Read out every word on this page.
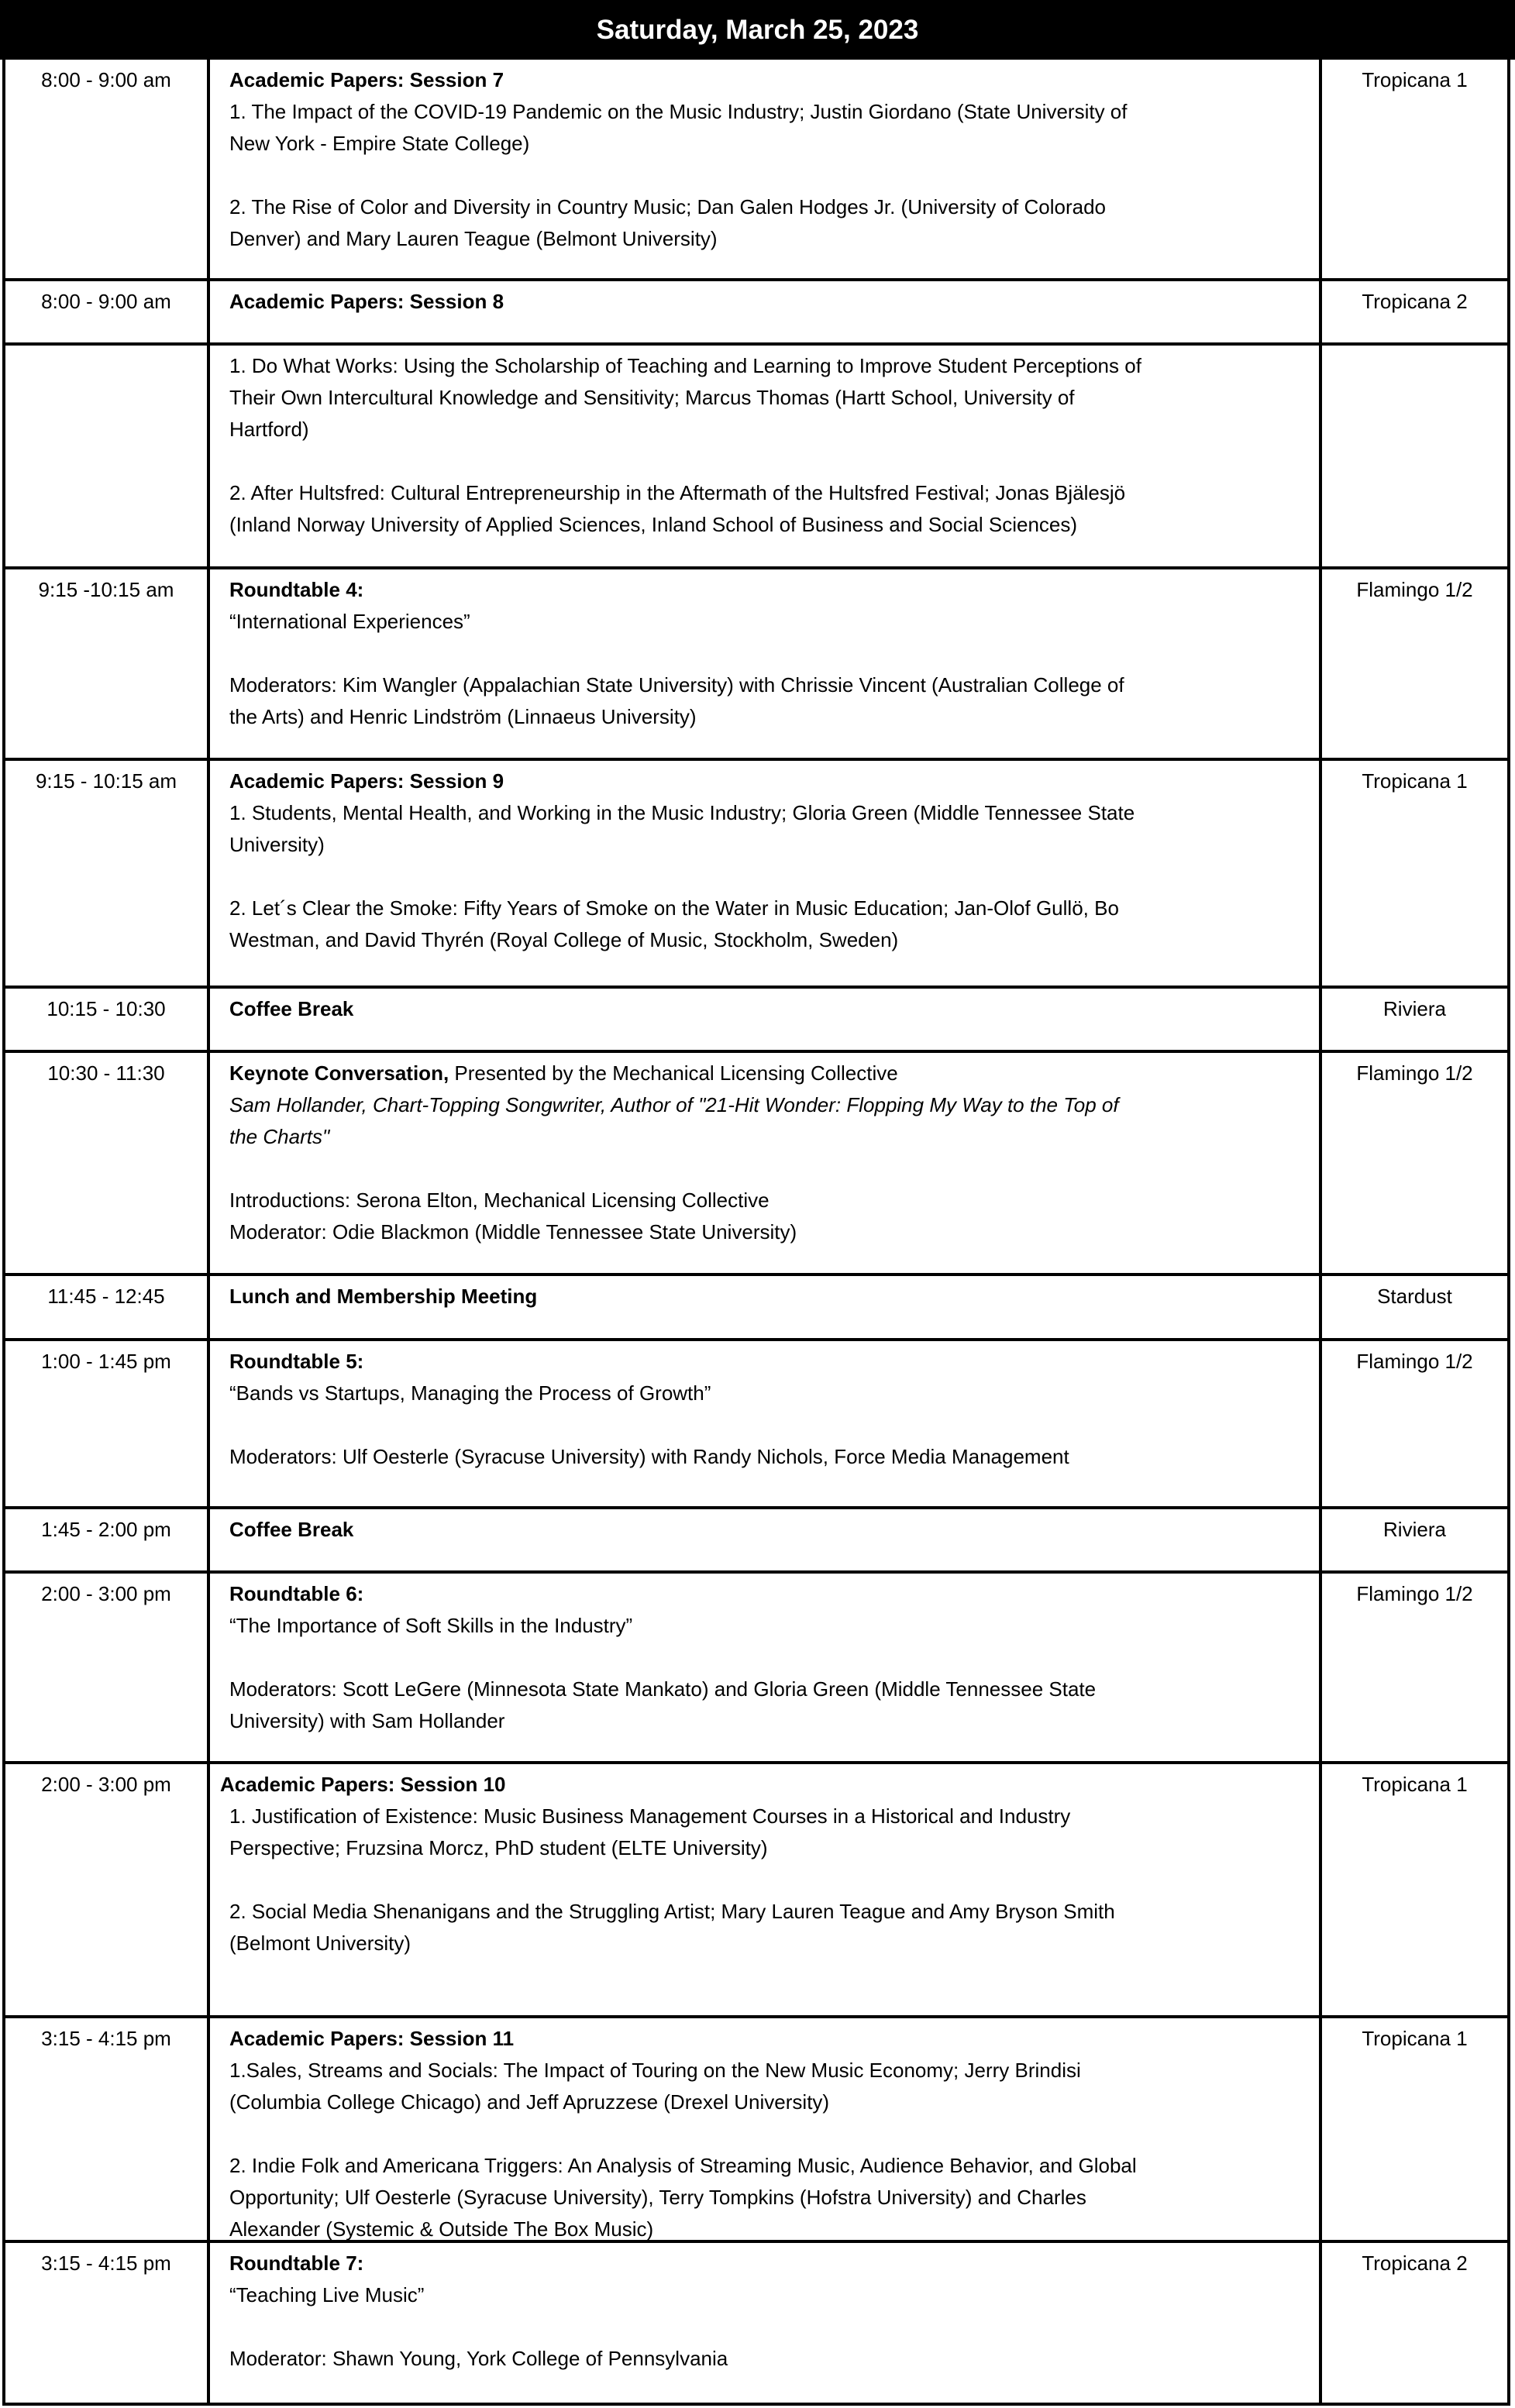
Saturday, March 25, 2023
8:00 - 9:00 am	Academic Papers: Session 7
1. The Impact of the COVID-19 Pandemic on the Music Industry; Justin Giordano (State University of
New York - Empire State College)
2. The Rise of Color and Diversity in Country Music; Dan Galen Hodges Jr. (University of Colorado
Denver) and Mary Lauren Teague (Belmont University)
Tropicana 1
8:00 - 9:00 am	Academic Papers: Session 8	Tropicana 2
1. Do What Works: Using the Scholarship of Teaching and Learning to Improve Student Perceptions of
Their Own Intercultural Knowledge and Sensitivity; Marcus Thomas (Hartt School, University of
Hartford)
2. After Hultsfred: Cultural Entrepreneurship in the Aftermath of the Hultsfred Festival; Jonas Bjälesjö
(Inland Norway University of Applied Sciences, Inland School of Business and Social Sciences)
9:15 -10:15 am	Roundtable 4:
“International Experiences”
Moderators: Kim Wangler (Appalachian State University) with Chrissie Vincent (Australian College of
the Arts) and Henric Lindström (Linnaeus University)
Flamingo 1/2
9:15 - 10:15 am	Academic Papers: Session 9
1. Students, Mental Health, and Working in the Music Industry; Gloria Green (Middle Tennessee State
University)
2. Let´s Clear the Smoke: Fifty Years of Smoke on the Water in Music Education; Jan-Olof Gullö, Bo
Westman, and David Thyrén (Royal College of Music, Stockholm, Sweden)
Tropicana 1
10:15 - 10:30	Coffee Break	Riviera
10:30 - 11:30	Keynote Conversation, Presented by the Mechanical Licensing Collective
Sam Hollander, Chart-Topping Songwriter, Author of "21-Hit Wonder: Flopping My Way to the Top of
the Charts"
Introductions: Serona Elton, Mechanical Licensing Collective
Moderator: Odie Blackmon (Middle Tennessee State University)
Flamingo 1/2
11:45 - 12:45	Lunch and Membership Meeting	Stardust
1:00 - 1:45 pm	Roundtable 5:
“Bands vs Startups, Managing the Process of Growth”
Moderators: Ulf Oesterle (Syracuse University) with Randy Nichols, Force Media Management
Flamingo 1/2
1:45 - 2:00 pm	Coffee Break	Riviera
2:00 - 3:00 pm	Roundtable 6:
“The Importance of Soft Skills in the Industry”
Moderators: Scott LeGere (Minnesota State Mankato) and Gloria Green (Middle Tennessee State
University) with Sam Hollander
Flamingo 1/2
2:00 - 3:00 pm	Academic Papers: Session 10
1. Justification of Existence: Music Business Management Courses in a Historical and Industry
Perspective; Fruzsina Morcz, PhD student (ELTE University)
2. Social Media Shenanigans and the Struggling Artist; Mary Lauren Teague and Amy Bryson Smith
(Belmont University)
Tropicana 1
3:15 - 4:15 pm	Academic Papers: Session 11
1.Sales, Streams and Socials: The Impact of Touring on the New Music Economy; Jerry Brindisi
(Columbia College Chicago) and Jeff Apruzzese (Drexel University)
2. Indie Folk and Americana Triggers: An Analysis of Streaming Music, Audience Behavior, and Global
Opportunity; Ulf Oesterle (Syracuse University), Terry Tompkins (Hofstra University) and Charles
Alexander (Systemic & Outside The Box Music)
Tropicana 1
3:15 - 4:15 pm	Roundtable 7:
“Teaching Live Music”
Moderator: Shawn Young, York College of Pennsylvania
Tropicana 2
